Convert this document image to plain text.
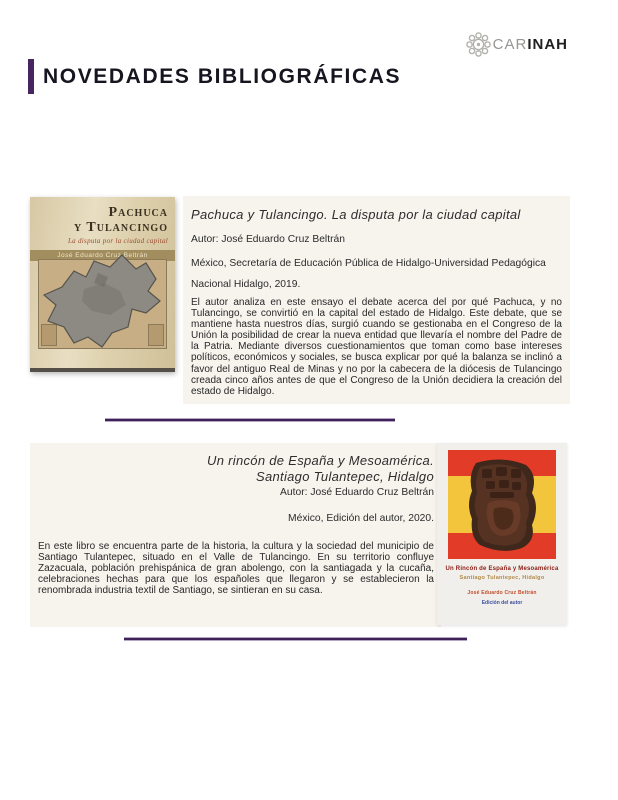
CAR INAH
NOVEDADES BIBLIOGRÁFICAS
Pachuca
y Tulancingo
La disputa por la ciudad capital
José Eduardo Cruz Beltrán
Pachuca y Tulancingo. La disputa por la ciudad capital

Autor: José Eduardo Cruz Beltrán

México, Secretaría de Educación Pública de Hidalgo-Universidad Pedagógica Nacional Hidalgo, 2019.

El autor analiza en este ensayo el debate acerca del por qué Pachuca, y no Tulancingo, se convirtió en la capital del estado de Hidalgo. Este debate, que se mantiene hasta nuestros días, surgió cuando se gestionaba en el Congreso de la Unión la posibilidad de crear la nueva entidad que llevaría el nombre del Padre de la Patria. Mediante diversos cuestionamientos que toman como base intereses políticos, económicos y sociales, se busca explicar por qué la balanza se inclinó a favor del antiguo Real de Minas y no por la cabecera de la diócesis de Tulancingo creada cinco años antes de que el Congreso de la Unión decidiera la creación del estado de Hidalgo.

Un rincón de España y Mesoamérica.
Santiago Tulantepec, Hidalgo

Autor: José Eduardo Cruz Beltrán

México, Edición del autor, 2020.

En este libro se encuentra parte de la historia, la cultura y la sociedad del municipio de Santiago Tulantepec, situado en el Valle de Tulancingo. En su territorio confluye Zazacuala, población prehispánica de gran abolengo, con la santiagada y la cucaña, celebraciones hechas para que los españoles que llegaron y se establecieron la renombrada industria textil de Santiago, se sintieran en su casa.

Un Rincón de España y Mesoamérica
Santiago Tulantepec, Hidalgo
José Eduardo Cruz Beltrán
Edición del autor
